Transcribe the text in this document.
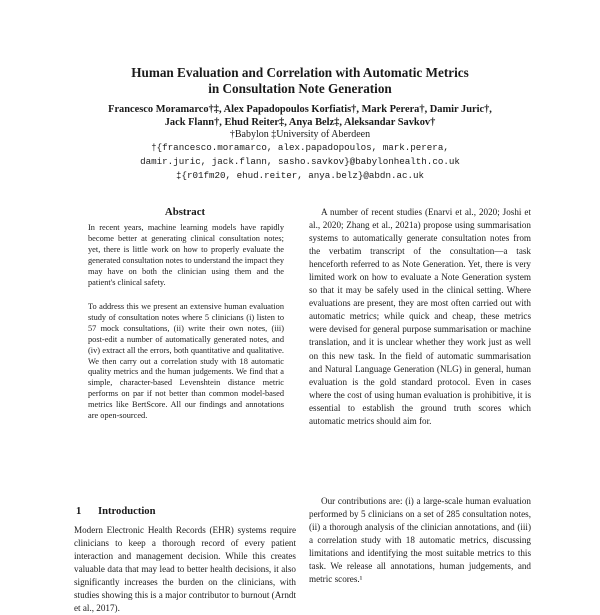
Human Evaluation and Correlation with Automatic Metrics
in Consultation Note Generation
Francesco Moramarco†‡, Alex Papadopoulos Korfiatis†, Mark Perera†, Damir Juric†,
Jack Flann†, Ehud Reiter‡, Anya Belz‡, Aleksandar Savkov†
†Babylon ‡University of Aberdeen
†{francesco.moramarco, alex.papadopoulos, mark.perera,
damir.juric, jack.flann, sasho.savkov}@babylonhealth.co.uk
‡{r01fm20, ehud.reiter, anya.belz}@abdn.ac.uk
Abstract

In recent years, machine learning models have rapidly become better at generating clinical consultation notes; yet, there is little work on how to properly evaluate the generated consultation notes to understand the impact they may have on both the clinician using them and the patient's clinical safety.

To address this we present an extensive human evaluation study of consultation notes where 5 clinicians (i) listen to 57 mock consultations, (ii) write their own notes, (iii) post-edit a number of automatically generated notes, and (iv) extract all the errors, both quantitative and qualitative. We then carry out a correlation study with 18 automatic quality metrics and the human judgements. We find that a simple, character-based Levenshtein distance metric performs on par if not better than common model-based metrics like BertScore. All our findings and annotations are open-sourced.

1 Introduction

Modern Electronic Health Records (EHR) systems require clinicians to keep a thorough record of every patient interaction and management decision. While this creates valuable data that may lead to better health decisions, it also significantly increases the burden on the clinicians, with studies showing this is a major contributor to burnout (Arndt et al., 2017).

A number of recent studies (Enarvi et al., 2020; Joshi et al., 2020; Zhang et al., 2021a) propose using summarisation systems to automatically generate consultation notes from the verbatim transcript of the consultation—a task henceforth referred to as Note Generation. Yet, there is very limited work on how to evaluate a Note Generation system so that it may be safely used in the clinical setting. Where evaluations are present, they are most often carried out with automatic metrics; while quick and cheap, these metrics were devised for general purpose summarisation or machine translation, and it is unclear whether they work just as well on this new task. In the field of automatic summarisation and Natural Language Generation (NLG) in general, human evaluation is the gold standard protocol. Even in cases where the cost of using human evaluation is prohibitive, it is essential to establish the ground truth scores which automatic metrics should aim for.

Our contributions are: (i) a large-scale human evaluation performed by 5 clinicians on a set of 285 consultation notes, (ii) a thorough analysis of the clinician annotations, and (iii) a correlation study with 18 automatic metrics, discussing limitations and identifying the most suitable metrics to this task. We release all annotations, human judgements, and metric scores.¹
